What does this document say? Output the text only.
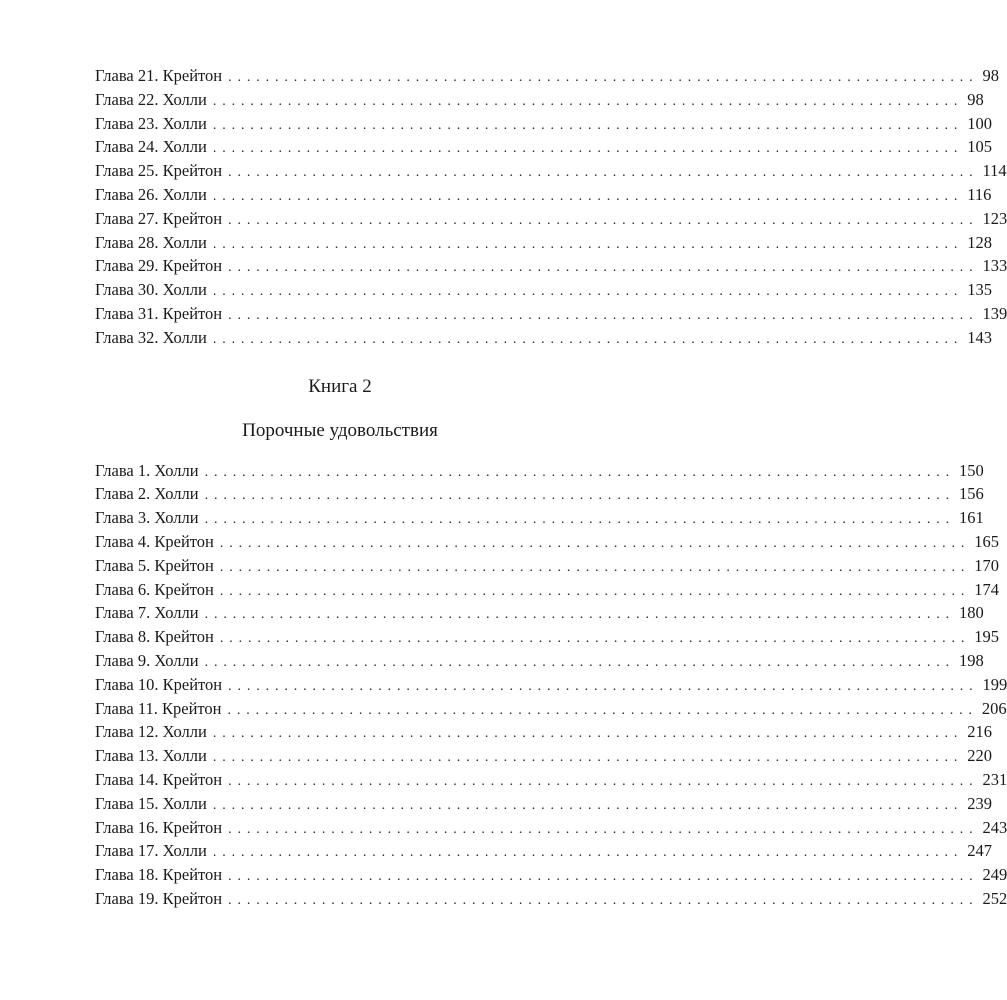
Глава 21. Крейтон ................................................................................ 98
Глава 22. Холли ................................................................................ 98
Глава 23. Холли ................................................................................ 100
Глава 24. Холли ................................................................................ 105
Глава 25. Крейтон ................................................................................ 114
Глава 26. Холли ................................................................................ 116
Глава 27. Крейтон ................................................................................ 123
Глава 28. Холли ................................................................................ 128
Глава 29. Крейтон ................................................................................ 133
Глава 30. Холли ................................................................................ 135
Глава 31. Крейтон ................................................................................ 139
Глава 32. Холли ................................................................................ 143
Книга 2
Порочные удовольствия
Глава 1. Холли ................................................................................ 150
Глава 2. Холли ................................................................................ 156
Глава 3. Холли ................................................................................ 161
Глава 4. Крейтон ................................................................................ 165
Глава 5. Крейтон ................................................................................ 170
Глава 6. Крейтон ................................................................................ 174
Глава 7. Холли ................................................................................ 180
Глава 8. Крейтон ................................................................................ 195
Глава 9. Холли ................................................................................ 198
Глава 10. Крейтон ................................................................................ 199
Глава 11. Крейтон ................................................................................ 206
Глава 12. Холли ................................................................................ 216
Глава 13. Холли ................................................................................ 220
Глава 14. Крейтон ................................................................................ 231
Глава 15. Холли ................................................................................ 239
Глава 16. Крейтон ................................................................................ 243
Глава 17. Холли ................................................................................ 247
Глава 18. Крейтон ................................................................................ 249
Глава 19. Крейтон ................................................................................ 252
